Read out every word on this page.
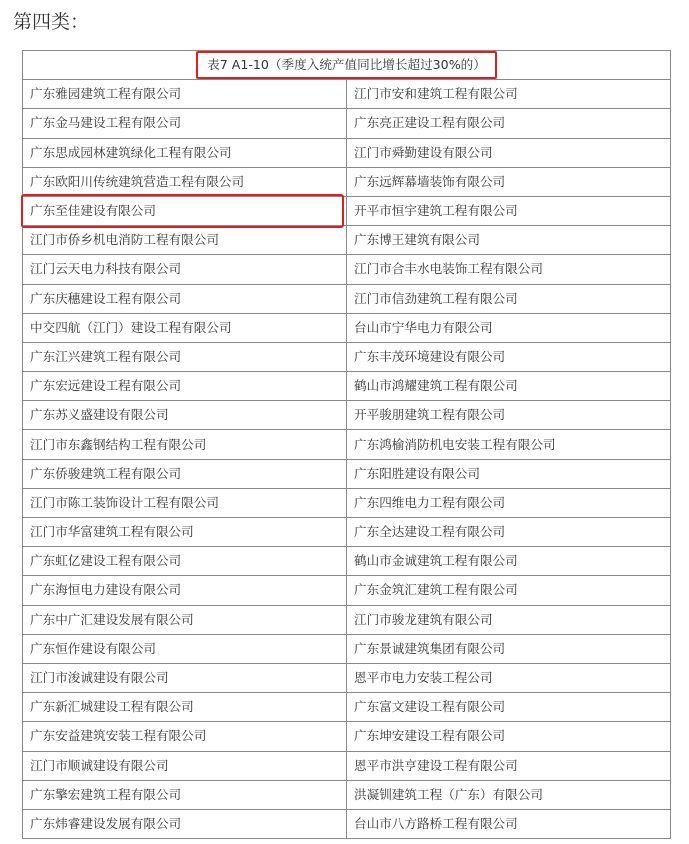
第四类：
表7 A1-10（季度入统产值同比增长超过30%的）	
广东雅园建筑工程有限公司	江门市安和建筑工程有限公司
广东金马建设工程有限公司	广东亮正建设工程有限公司
广东思成园林建筑绿化工程有限公司	江门市舜勤建设有限公司
广东欧阳川传统建筑营造工程有限公司	广东远辉幕墙装饰有限公司
广东至佳建设有限公司	开平市恒宇建筑工程有限公司
江门市侨乡机电消防工程有限公司	广东博王建筑有限公司
江门云天电力科技有限公司	江门市合丰水电装饰工程有限公司
广东庆穗建设工程有限公司	江门市信劲建筑工程有限公司
中交四航（江门）建设工程有限公司	台山市宁华电力有限公司
广东江兴建筑工程有限公司	广东丰茂环境建设有限公司
广东宏远建设工程有限公司	鹤山市鸿耀建筑工程有限公司
广东苏义盛建设有限公司	开平骏朋建筑工程有限公司
江门市东鑫钢结构工程有限公司	广东鸿榆消防机电安装工程有限公司
广东侨骏建筑工程有限公司	广东阳胜建设有限公司
江门市陈工装饰设计工程有限公司	广东四维电力工程有限公司
江门市华富建筑工程有限公司	广东全达建设工程有限公司
广东虹亿建设工程有限公司	鹤山市金诚建筑工程有限公司
广东海恒电力建设有限公司	广东金筑汇建筑工程有限公司
广东中广汇建设发展有限公司	江门市骏龙建筑有限公司
广东恒作建设有限公司	广东景诚建筑集团有限公司
江门市浚诚建设有限公司	恩平市电力安装工程公司
广东新汇城建设工程有限公司	广东富文建设工程有限公司
广东安益建筑安装工程有限公司	广东坤安建设工程有限公司
江门市顺诚建设有限公司	恩平市洪亨建设工程有限公司
广东擎宏建筑工程有限公司	洪凝钏建筑工程（广东）有限公司
广东炜睿建设发展有限公司	台山市八方路桥工程有限公司
